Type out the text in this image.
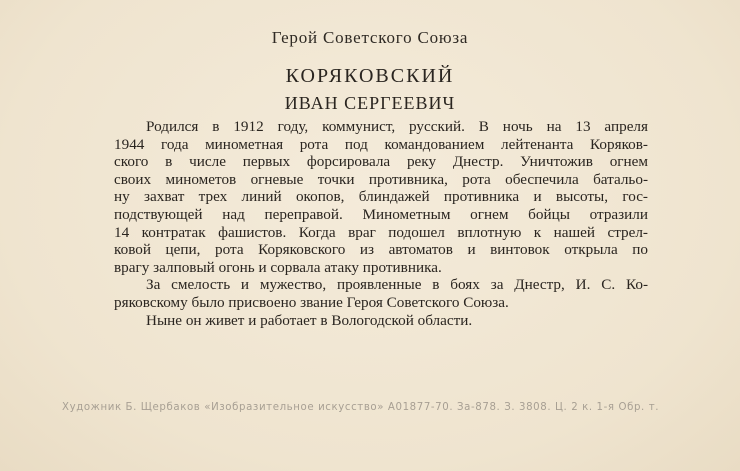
Герой Советского Союза
КОРЯКОВСКИЙ
ИВАН СЕРГЕЕВИЧ
Родился в 1912 году, коммунист, русский. В ночь на 13 апреля
1944 года минометная рота под командованием лейтенанта Коряков-
ского в числе первых форсировала реку Днестр. Уничтожив огнем
своих минометов огневые точки противника, рота обеспечила батальо-
ну захват трех линий окопов, блиндажей противника и высоты, гос-
подствующей над переправой. Минометным огнем бойцы отразили
14 контратак фашистов. Когда враг подошел вплотную к нашей стрел-
ковой цепи, рота Коряковского из автоматов и винтовок открыла по
врагу залповый огонь и сорвала атаку противника.
За смелость и мужество, проявленные в боях за Днестр, И. С. Ко-
ряковскому было присвоено звание Героя Советского Союза.
Ныне он живет и работает в Вологодской области.
Художник Б. Щербаков «Изобразительное искусство» А01877-70. За-878. З. 3808. Ц. 2 к. 1-я Обр. т.
